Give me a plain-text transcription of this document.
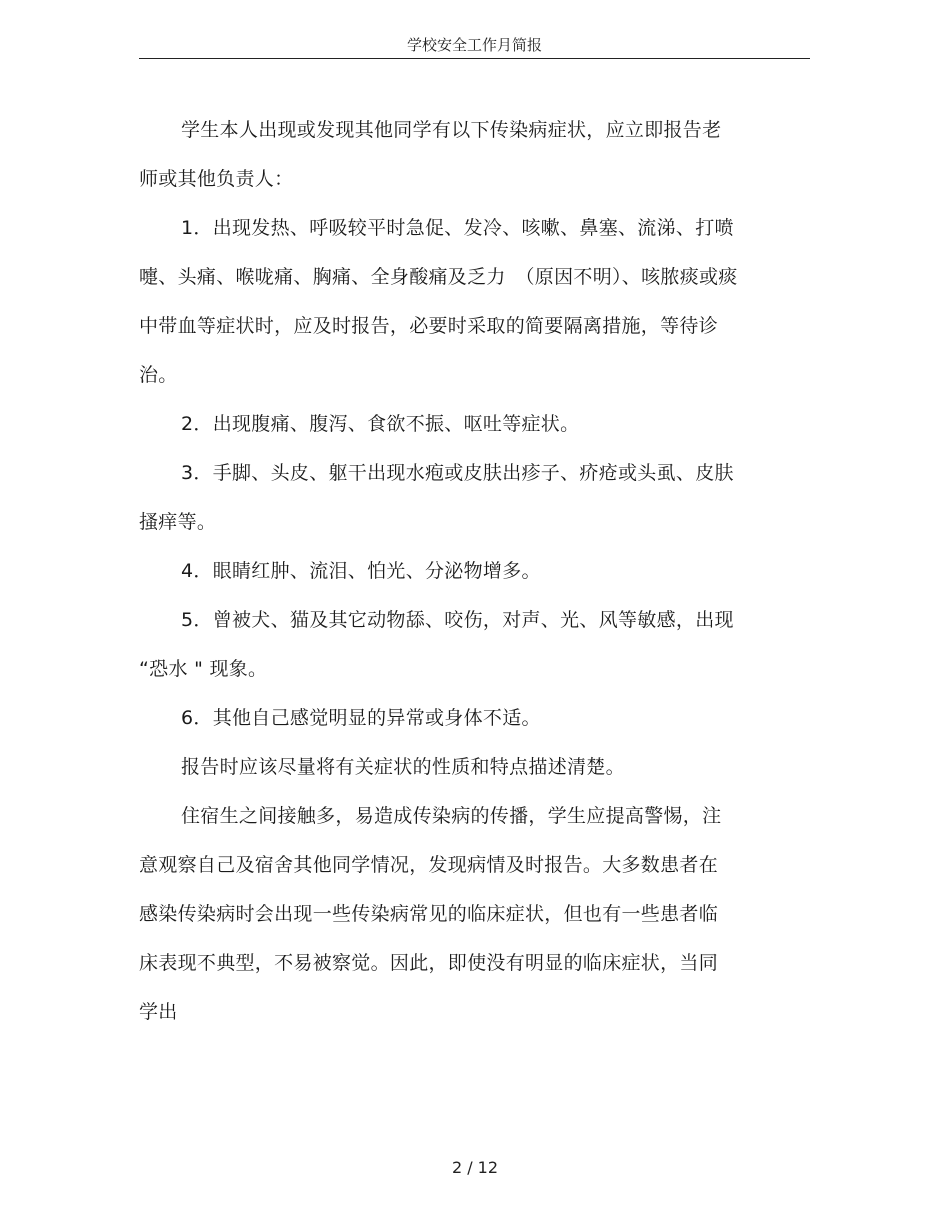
学校安全工作月简报
学生本人出现或发现其他同学有以下传染病症状，应立即报告老
师或其他负责人：
1．出现发热、呼吸较平时急促、发冷、咳嗽、鼻塞、流涕、打喷
嚏、头痛、喉咙痛、胸痛、全身酸痛及乏力　（原因不明）、咳脓痰或痰
中带血等症状时，应及时报告，必要时采取的简要隔离措施，等待诊
治。
2．出现腹痛、腹泻、食欲不振、呕吐等症状。
3．手脚、头皮、躯干出现水疱或皮肤出疹子、疥疮或头虱、皮肤
搔痒等。
4．眼睛红肿、流泪、怕光、分泌物增多。
5．曾被犬、猫及其它动物舔、咬伤，对声、光、风等敏感，出现
“恐水 " 现象。
6．其他自己感觉明显的异常或身体不适。
报告时应该尽量将有关症状的性质和特点描述清楚。
住宿生之间接触多，易造成传染病的传播，学生应提高警惕，注
意观察自己及宿舍其他同学情况，发现病情及时报告。大多数患者在
感染传染病时会出现一些传染病常见的临床症状，但也有一些患者临
床表现不典型，不易被察觉。因此，即使没有明显的临床症状，当同
学出
2 / 12
